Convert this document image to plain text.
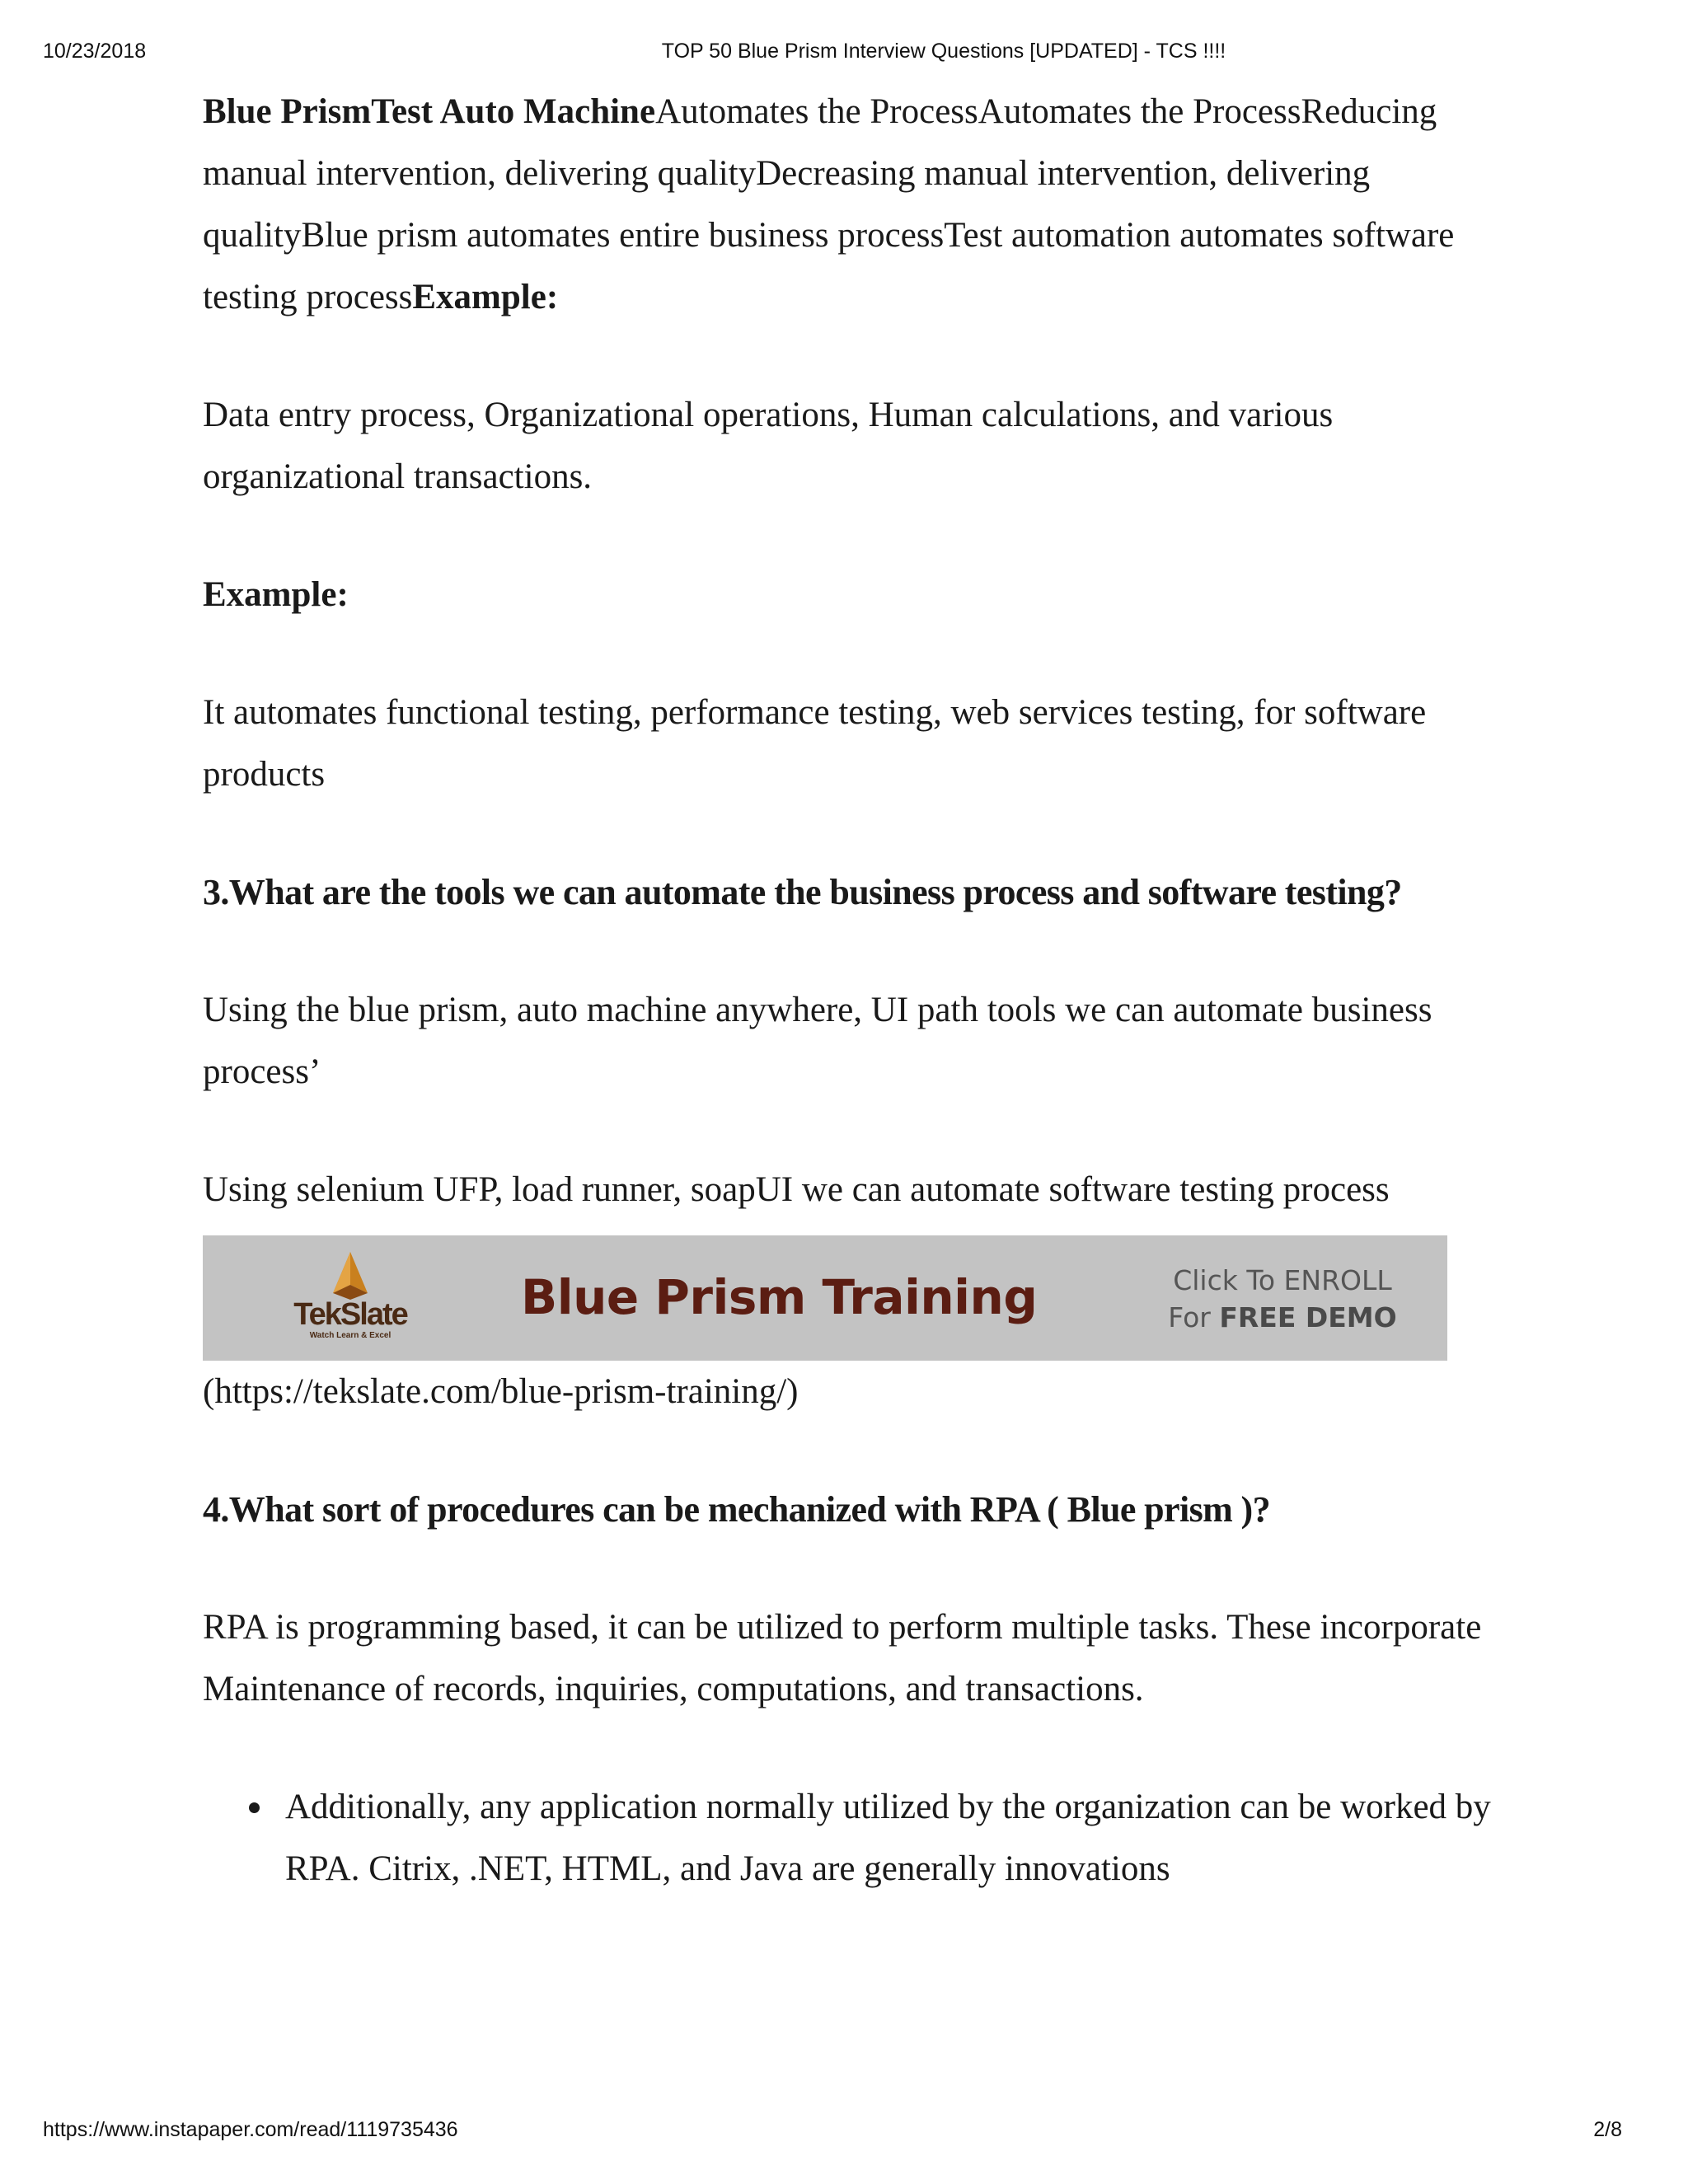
10/23/2018	TOP 50 Blue Prism Interview Questions [UPDATED] - TCS !!!!

Blue PrismTest Auto MachineAutomates the ProcessAutomates the ProcessReducing manual intervention, delivering qualityDecreasing manual intervention, delivering qualityBlue prism automates entire business processTest automation automates software testing processExample:

Data entry process, Organizational operations, Human calculations, and various organizational transactions.

Example:

It automates functional testing, performance testing, web services testing, for software products

3.What are the tools we can automate the business process and software testing?

Using the blue prism, auto machine anywhere, UI path tools we can automate business process’

Using selenium UFP, load runner, soapUI we can automate software testing process

TekSlate
Watch Learn & Excel
Blue Prism Training	Click To ENROLL
For FREE DEMO

(https://tekslate.com/blue-prism-training/)

4.What sort of procedures can be mechanized with RPA ( Blue prism )?

RPA is programming based, it can be utilized to perform multiple tasks. These incorporate Maintenance of records, inquiries, computations, and transactions.

Additionally, any application normally utilized by the organization can be worked by RPA. Citrix, .NET, HTML, and Java are generally innovations
https://www.instapaper.com/read/1119735436	2/8
